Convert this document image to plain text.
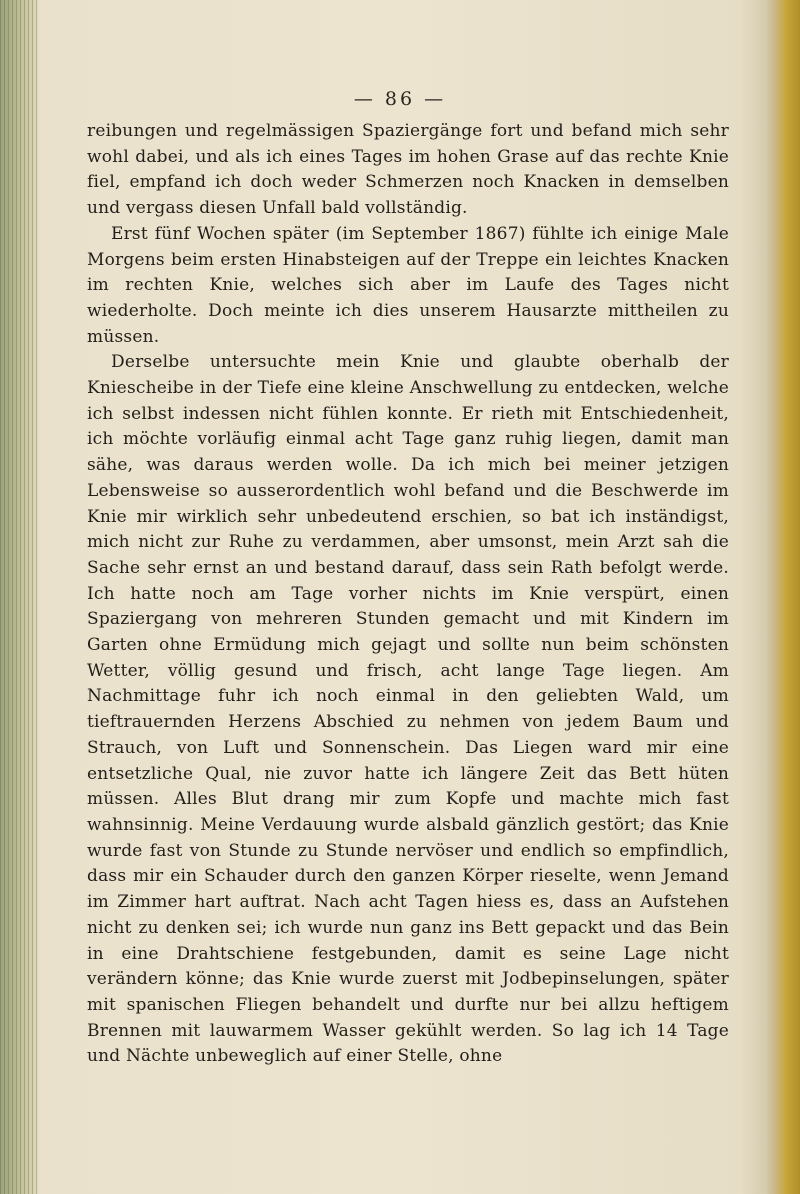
— 86 —

reibungen und regelmässigen Spaziergänge fort und befand mich sehr wohl dabei, und als ich eines Tages im hohen Grase auf das rechte Knie fiel, empfand ich doch weder Schmerzen noch Knacken in demselben und vergass diesen Unfall bald vollständig.

Erst fünf Wochen später (im September 1867) fühlte ich einige Male Morgens beim ersten Hinabsteigen auf der Treppe ein leichtes Knacken im rechten Knie, welches sich aber im Laufe des Tages nicht wiederholte. Doch meinte ich dies unserem Hausarzte mittheilen zu müssen.

Derselbe untersuchte mein Knie und glaubte oberhalb der Kniescheibe in der Tiefe eine kleine Anschwellung zu entdecken, welche ich selbst indessen nicht fühlen konnte. Er rieth mit Entschiedenheit, ich möchte vorläufig einmal acht Tage ganz ruhig liegen, damit man sähe, was daraus werden wolle. Da ich mich bei meiner jetzigen Lebensweise so ausserordentlich wohl befand und die Beschwerde im Knie mir wirklich sehr unbedeutend erschien, so bat ich inständigst, mich nicht zur Ruhe zu verdammen, aber umsonst, mein Arzt sah die Sache sehr ernst an und bestand darauf, dass sein Rath befolgt werde. Ich hatte noch am Tage vorher nichts im Knie verspürt, einen Spaziergang von mehreren Stunden gemacht und mit Kindern im Garten ohne Ermüdung mich gejagt und sollte nun beim schönsten Wetter, völlig gesund und frisch, acht lange Tage liegen. Am Nachmittage fuhr ich noch einmal in den geliebten Wald, um tieftrauernden Herzens Abschied zu nehmen von jedem Baum und Strauch, von Luft und Sonnenschein. Das Liegen ward mir eine entsetzliche Qual, nie zuvor hatte ich längere Zeit das Bett hüten müssen. Alles Blut drang mir zum Kopfe und machte mich fast wahnsinnig. Meine Verdauung wurde alsbald gänzlich gestört; das Knie wurde fast von Stunde zu Stunde nervöser und endlich so empfindlich, dass mir ein Schauder durch den ganzen Körper rieselte, wenn Jemand im Zimmer hart auftrat. Nach acht Tagen hiess es, dass an Aufstehen nicht zu denken sei; ich wurde nun ganz ins Bett gepackt und das Bein in eine Drahtschiene festgebunden, damit es seine Lage nicht verändern könne; das Knie wurde zuerst mit Jodbepinselungen, später mit spanischen Fliegen behandelt und durfte nur bei allzu heftigem Brennen mit lauwarmem Wasser gekühlt werden. So lag ich 14 Tage und Nächte unbeweglich auf einer Stelle, ohne
